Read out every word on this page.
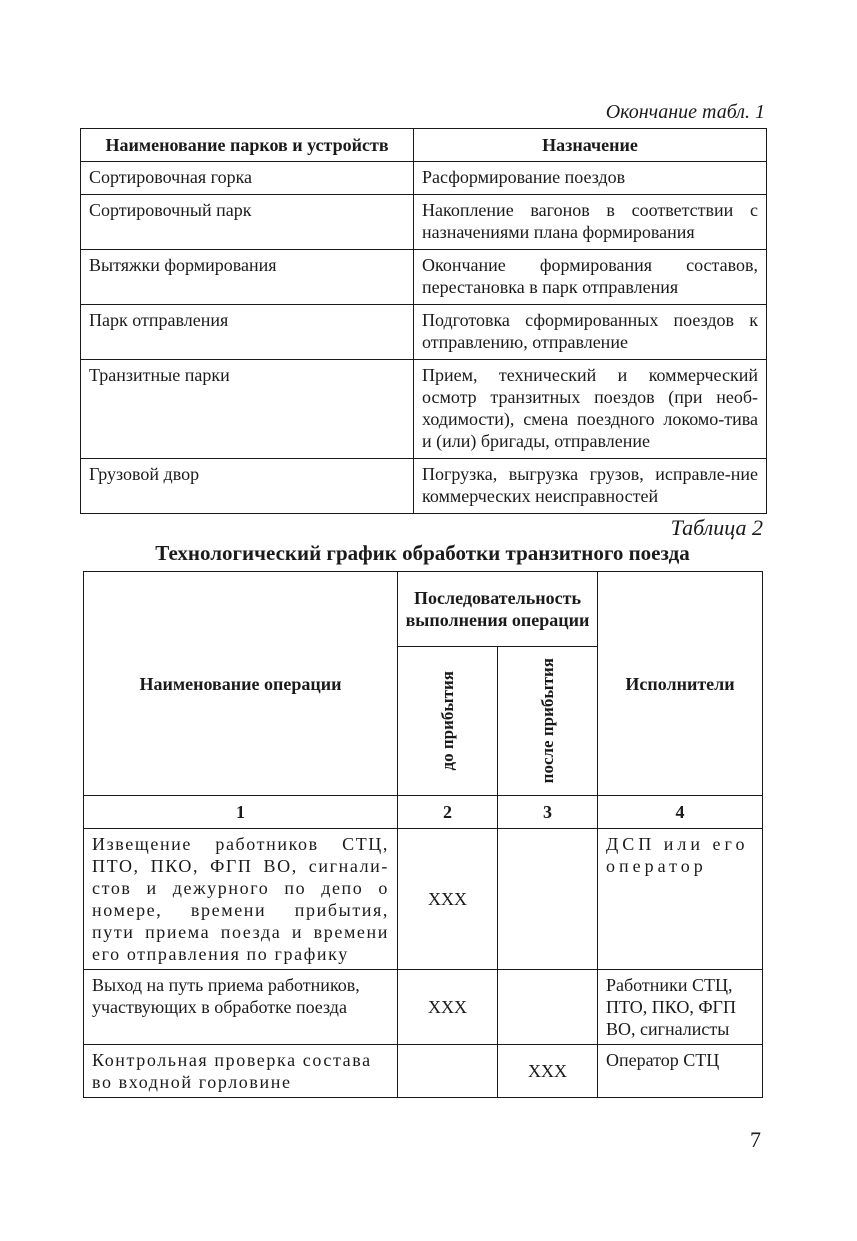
Окончание табл. 1
Наименование парков и устройств	Назначение
Сортировочная горка	Расформирование поездов
Сортировочный парк	Накопление вагонов в соответствии с назначениями плана формирования
Вытяжки формирования	Окончание формирования составов, перестановка в парк отправления
Парк отправления	Подготовка сформированных поездов к отправлению, отправление
Транзитные парки	Прием, технический и коммерческий осмотр транзитных поездов (при необ-ходимости), смена поездного локомо-тива и (или) бригады, отправление
Грузовой двор	Погрузка, выгрузка грузов, исправле-ние коммерческих неисправностей
Таблица 2
Технологический график обработки транзитного поезда
Наименование операции	Последовательность выполнения операции		Исполнители

	до прибытия	после прибытия	

1	2	3	4
Извещение работников СТЦ, ПТО, ПКО, ФГП ВО, сигнали-стов и дежурного по депо о номере, времени прибытия, пути приема поезда и времени его отправления по графику	XXX		ДСП или его оператор
Выход на путь приема работников, участвующих в обработке поезда	XXX		Работники СТЦ, ПТО, ПКО, ФГП ВО, сигналисты
Контрольная проверка состава во входной горловине		XXX	Оператор СТЦ
7
